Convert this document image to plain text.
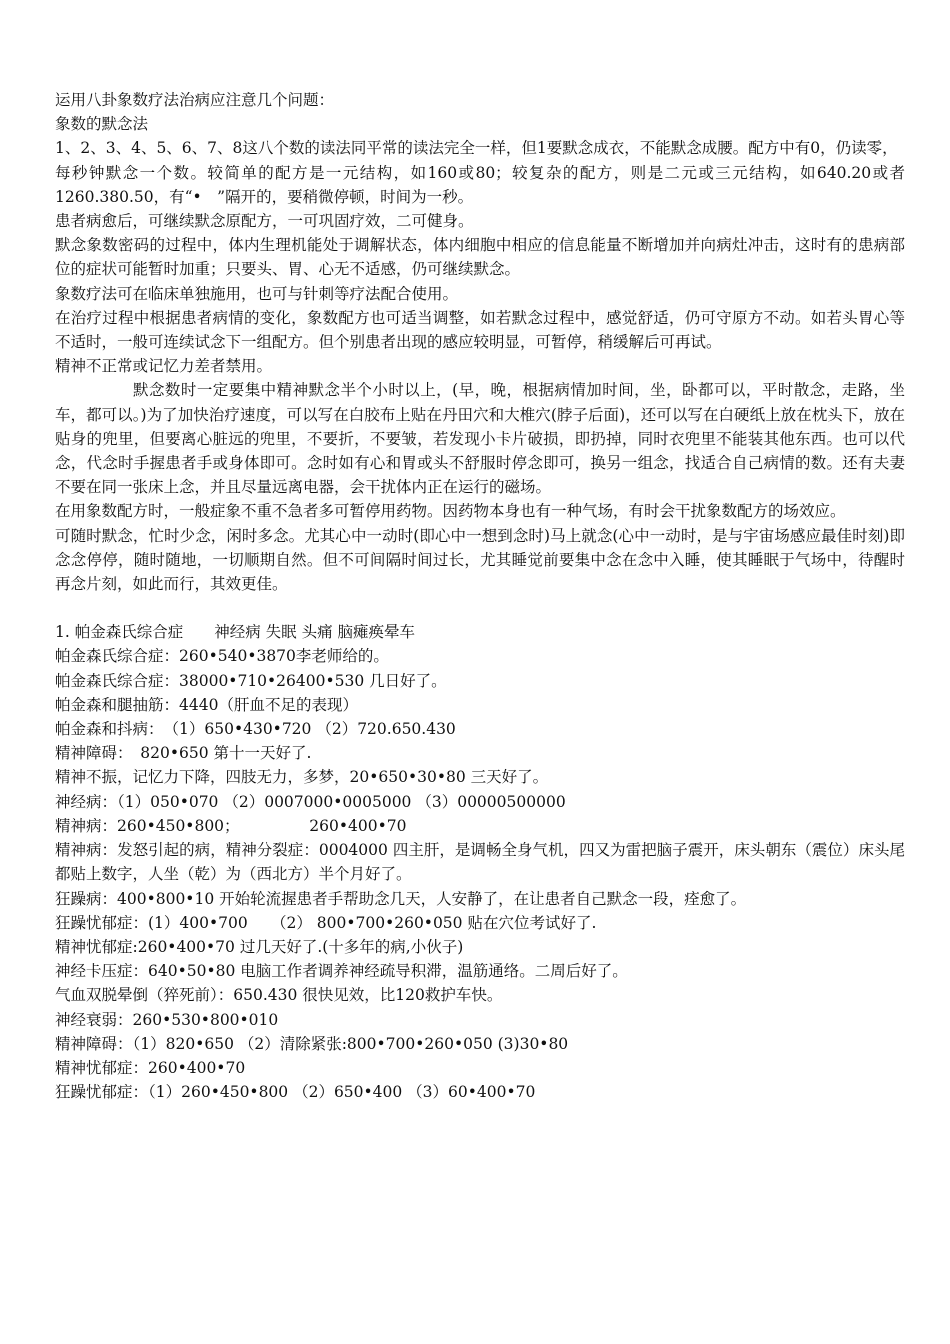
运用八卦象数疗法治病应注意几个问题：

象数的默念法

1、2、3、4、5、6、7、8这八个数的读法同平常的读法完全一样，但1要默念成衣，不能默念成腰。配方中有0，仍读零，

每秒钟默念一个数。较简单的配方是一元结构，如160或80；较复杂的配方，则是二元或三元结构，如640.20或者1260.380.50，有“•　”隔开的，要稍微停顿，时间为一秒。

患者病愈后，可继续默念原配方，一可巩固疗效，二可健身。

默念象数密码的过程中，体内生理机能处于调解状态，体内细胞中相应的信息能量不断增加并向病灶冲击，这时有的患病部位的症状可能暂时加重；只要头、胃、心无不适感，仍可继续默念。

象数疗法可在临床单独施用，也可与针刺等疗法配合使用。

在治疗过程中根据患者病情的变化，象数配方也可适当调整，如若默念过程中，感觉舒适，仍可守原方不动。如若头胃心等不适时，一般可连续试念下一组配方。但个别患者出现的感应较明显，可暂停，稍缓解后可再试。

精神不正常或记忆力差者禁用。

默念数时一定要集中精神默念半个小时以上，(早，晚，根据病情加时间，坐，卧都可以，平时散念，走路，坐车，都可以。)为了加快治疗速度，可以写在白胶布上贴在丹田穴和大椎穴(脖子后面)，还可以写在白硬纸上放在枕头下，放在贴身的兜里，但要离心脏远的兜里，不要折，不要皱，若发现小卡片破损，即扔掉，同时衣兜里不能装其他东西。也可以代念，代念时手握患者手或身体即可。念时如有心和胃或头不舒服时停念即可，换另一组念，找适合自己病情的数。还有夫妻不要在同一张床上念，并且尽量远离电器，会干扰体内正在运行的磁场。

在用象数配方时，一般症象不重不急者多可暂停用药物。因药物本身也有一种气场，有时会干扰象数配方的场效应。

可随时默念，忙时少念，闲时多念。尤其心中一动时(即心中一想到念时)马上就念(心中一动时，是与宇宙场感应最佳时刻)即念念停停，随时随地，一切顺期自然。但不可间隔时间过长，尤其睡觉前要集中念在念中入睡，使其睡眠于气场中，待醒时再念片刻，如此而行，其效更佳。

1. 帕金森氏综合症　　神经病 失眠 头痛 脑瘫痪晕车

帕金森氏综合症：260•540•3870李老师给的。

帕金森氏综合症：38000•710•26400•530 几日好了。

帕金森和腿抽筋：4440（肝血不足的表现）

帕金森和抖病：　（1）650•430•720 （2）720.650.430

精神障碍：　820•650 第十一天好了.

精神不振，记忆力下降，四肢无力，多梦，20•650•30•80 三天好了。

神经病：（1）050•070 （2）0007000•0005000 （3）00000500000

精神病：260•450•800；　　　　　260•400•70

精神病：发怒引起的病，精神分裂症：0004000 四主肝，是调畅全身气机，四又为雷把脑子震开，床头朝东（震位）床头尾都贴上数字，人坐（乾）为（西北方）半个月好了。

狂躁病：400•800•10 开始轮流握患者手帮助念几天，人安静了，在让患者自己默念一段，痊愈了。

狂躁忧郁症：(1）400•700　　（2） 800•700•260•050 贴在穴位考试好了.

精神忧郁症:260•400•70 过几天好了.(十多年的病,小伙子)

神经卡压症：640•50•80 电脑工作者调养神经疏导积滞，温筋通络。二周后好了。

气血双脱晕倒（猝死前）：650.430 很快见效，比120救护车快。

神经衰弱：260•530•800•010

精神障碍：（1）820•650 （2）清除紧张:800•700•260•050 (3)30•80

精神忧郁症：260•400•70

狂躁忧郁症：（1）260•450•800 （2）650•400 （3）60•400•70
